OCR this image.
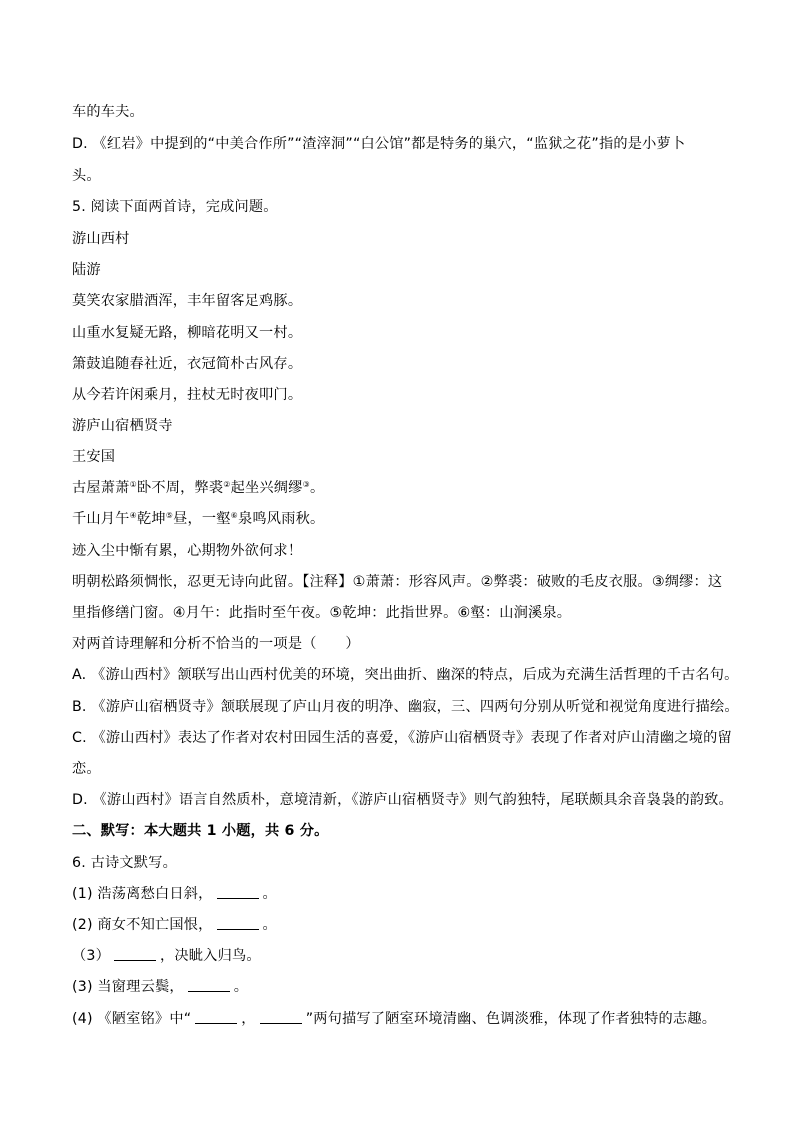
车的车夫。
D. 《红岩》中提到的“中美合作所”“渣滓洞”“白公馆”都是特务的巢穴，“监狱之花”指的是小萝卜
头。
5. 阅读下面两首诗，完成问题。
游山西村
陆游
莫笑农家腊酒浑，丰年留客足鸡豚。
山重水复疑无路，柳暗花明又一村。
箫鼓追随春社近，衣冠简朴古风存。
从今若许闲乘月，拄杖无时夜叩门。
游庐山宿栖贤寺
王安国
古屋萧萧①卧不周，弊裘②起坐兴绸缪③。
千山月午④乾坤⑤昼，一壑⑥泉鸣风雨秋。
迹入尘中惭有累，心期物外欲何求！
明朝松路须惆怅，忍更无诗向此留。【注释】①萧萧：形容风声。②弊裘：破败的毛皮衣服。③绸缪：这
里指修缮门窗。④月午：此指时至午夜。⑤乾坤：此指世界。⑥壑：山涧溪泉。
对两首诗理解和分析不恰当的一项是（　　）
A. 《游山西村》颔联写出山西村优美的环境，突出曲折、幽深的特点，后成为充满生活哲理的千古名句。
B. 《游庐山宿栖贤寺》颔联展现了庐山月夜的明净、幽寂，三、四两句分别从听觉和视觉角度进行描绘。
C. 《游山西村》表达了作者对农村田园生活的喜爱，《游庐山宿栖贤寺》表现了作者对庐山清幽之境的留
恋。
D. 《游山西村》语言自然质朴，意境清新，《游庐山宿栖贤寺》则气韵独特，尾联颇具余音袅袅的韵致。
二、默写：本大题共 1 小题，共 6 分。
6. 古诗文默写。
(1) 浩荡离愁白日斜，	。
(2) 商女不知亡国恨，	。
（3）	，决眦入归鸟。
(3) 当窗理云鬓，	。
(4) 《陋室铭》中“	，	”两句描写了陋室环境清幽、色调淡雅，体现了作者独特的志趣。
